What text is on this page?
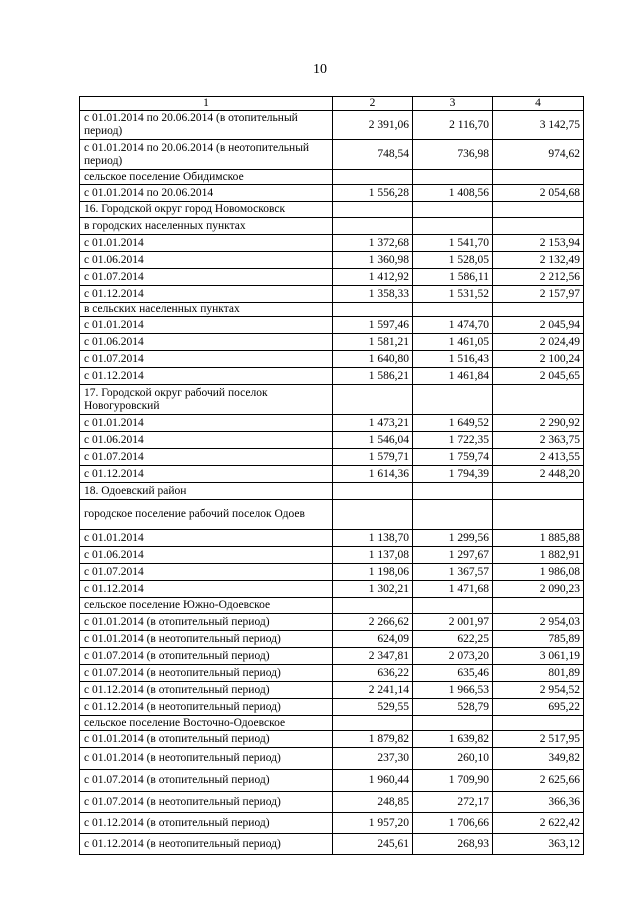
10
1	2	3	4
с 01.01.2014 по 20.06.2014 (в отопительный период)	2 391,06	2 116,70	3 142,75
с 01.01.2014 по 20.06.2014 (в неотопительный период)	748,54	736,98	974,62
сельское поселение Обидимское			
с 01.01.2014 по 20.06.2014	1 556,28	1 408,56	2 054,68
16. Городской округ город Новомосковск			
в городских населенных пунктах			
с 01.01.2014	1 372,68	1 541,70	2 153,94
с 01.06.2014	1 360,98	1 528,05	2 132,49
с 01.07.2014	1 412,92	1 586,11	2 212,56
с 01.12.2014	1 358,33	1 531,52	2 157,97
в сельских населенных пунктах			
с 01.01.2014	1 597,46	1 474,70	2 045,94
с 01.06.2014	1 581,21	1 461,05	2 024,49
с 01.07.2014	1 640,80	1 516,43	2 100,24
с 01.12.2014	1 586,21	1 461,84	2 045,65
17. Городской округ рабочий поселок Новогуровский			
с 01.01.2014	1 473,21	1 649,52	2 290,92
с 01.06.2014	1 546,04	1 722,35	2 363,75
с 01.07.2014	1 579,71	1 759,74	2 413,55
с 01.12.2014	1 614,36	1 794,39	2 448,20
18. Одоевский район			
городское поселение рабочий поселок Одоев			
с 01.01.2014	1 138,70	1 299,56	1 885,88
с 01.06.2014	1 137,08	1 297,67	1 882,91
с 01.07.2014	1 198,06	1 367,57	1 986,08
с 01.12.2014	1 302,21	1 471,68	2 090,23
сельское поселение Южно-Одоевское			
с 01.01.2014 (в отопительный период)	2 266,62	2 001,97	2 954,03
с 01.01.2014 (в неотопительный период)	624,09	622,25	785,89
с 01.07.2014 (в отопительный период)	2 347,81	2 073,20	3 061,19
с 01.07.2014 (в неотопительный период)	636,22	635,46	801,89
с 01.12.2014 (в отопительный период)	2 241,14	1 966,53	2 954,52
с 01.12.2014 (в неотопительный период)	529,55	528,79	695,22
сельское поселение Восточно-Одоевское			
с 01.01.2014 (в отопительный период)	1 879,82	1 639,82	2 517,95
с 01.01.2014 (в неотопительный период)	237,30	260,10	349,82
с 01.07.2014 (в отопительный период)	1 960,44	1 709,90	2 625,66
с 01.07.2014 (в неотопительный период)	248,85	272,17	366,36
с 01.12.2014 (в отопительный период)	1 957,20	1 706,66	2 622,42
с 01.12.2014 (в неотопительный период)	245,61	268,93	363,12
